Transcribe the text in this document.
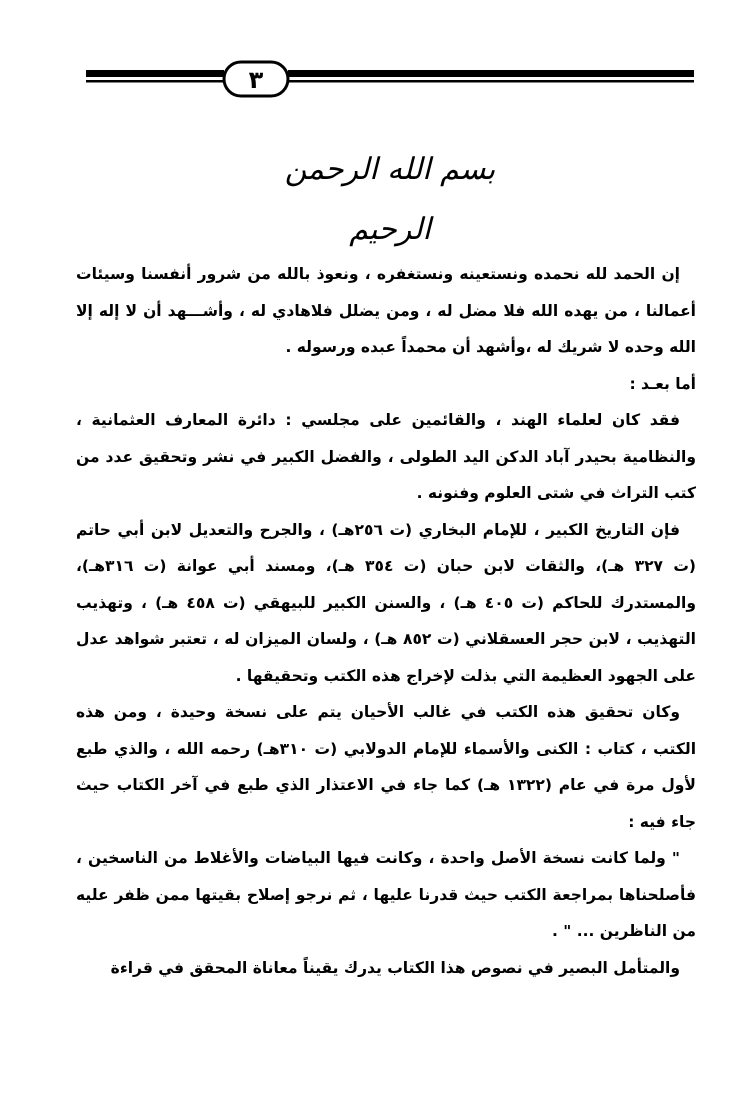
٣
بسم الله الرحمن الرحيم

إن الحمد لله نحمده ونستعينه ونستغفره ، ونعوذ بالله من شرور أنفسنا وسيئات أعمالنا ، من يهده الله فلا مضل له ، ومن يضلل فلاهادي له ، وأشـــهد أن لا إله إلا الله وحده لا شريك له ،وأشهد أن محمداً عبده ورسوله .

أما بعـد :

فقد كان لعلماء الهند ، والقائمين على مجلسي : دائرة المعارف العثمانية ، والنظامية بحيدر آباد الدكن اليد الطولى ، والفضل الكبير في نشر وتحقيق عدد من كتب التراث في شتى العلوم وفنونه .

فإن التاريخ الكبير ، للإمام البخاري (ت ٢٥٦هـ) ، والجرح والتعديل لابن أبي حاتم (ت ٣٢٧ هـ)، والثقات لابن حبان (ت ٣٥٤ هـ)، ومسند أبي عوانة (ت ٣١٦هـ)، والمستدرك للحاكم (ت ٤٠٥ هـ) ، والسنن الكبير للبيهقي (ت ٤٥٨ هـ) ، وتهذيب التهذيب ، لابن حجر العسقلاني (ت ٨٥٢ هـ) ، ولسان الميزان له ، تعتبر شواهد عدل على الجهود العظيمة التي بذلت لإخراج هذه الكتب وتحقيقها .

وكان تحقيق هذه الكتب في غالب الأحيان يتم على نسخة وحيدة ، ومن هذه الكتب ، كتاب : الكنى والأسماء للإمام الدولابي (ت ٣١٠هـ) رحمه الله ، والذي طبع لأول مرة في عام (١٣٢٢ هـ) كما جاء في الاعتذار الذي طبع في آخر الكتاب حيث جاء فيه :

" ولما كانت نسخة الأصل واحدة ، وكانت فيها البياضات والأغلاط من الناسخين ، فأصلحناها بمراجعة الكتب حيث قدرنا عليها ، ثم نرجو إصلاح بقيتها ممن ظفر عليه من الناظرين ... " .

والمتأمل البصير في نصوص هذا الكتاب يدرك يقيناً معاناة المحقق في قراءة
